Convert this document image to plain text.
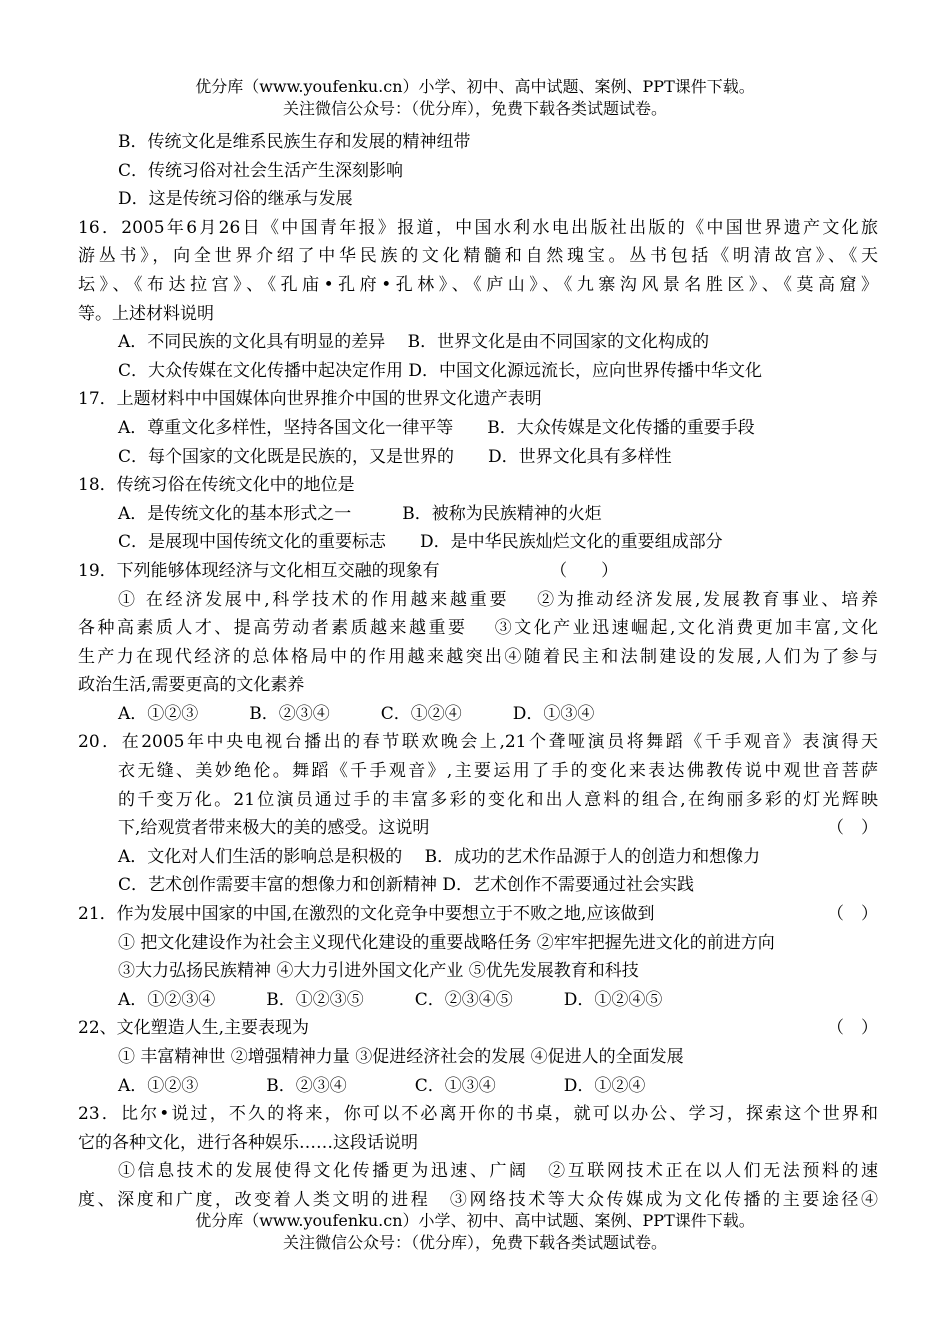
优分库（www.youfenku.cn）小学、初中、高中试题、案例、PPT课件下载。
关注微信公众号：（优分库），免费下载各类试题试卷。
B．传统文化是维系民族生存和发展的精神纽带
C．传统习俗对社会生活产生深刻影响
D．这是传统习俗的继承与发展
16．2005年6月26日《中国青年报》报道，中国水利水电出版社出版的《中国世界遗产文化旅
游丛书》，向全世界介绍了中华民族的文化精髓和自然瑰宝。丛书包括《明清故宫》、《天
坛》、《布达拉宫》、《孔庙•孔府•孔林》、《庐山》、《九寨沟风景名胜区》、《莫高窟》
等。上述材料说明
A．不同民族的文化具有明显的差异　 B．世界文化是由不同国家的文化构成的
C．大众传媒在文化传播中起决定作用 D．中国文化源远流长，应向世界传播中华文化
17．上题材料中中国媒体向世界推介中国的世界文化遗产表明
A．尊重文化多样性，坚持各国文化一律平等　　B．大众传媒是文化传播的重要手段
C．每个国家的文化既是民族的，又是世界的　　D．世界文化具有多样性
18．传统习俗在传统文化中的地位是
A．是传统文化的基本形式之一　　　B．被称为民族精神的火炬
C．是展现中国传统文化的重要标志　　D．是中华民族灿烂文化的重要组成部分
19．下列能够体现经济与文化相互交融的现象有　　　　　　　（　　）
① 在经济发展中,科学技术的作用越来越重要　 ②为推动经济发展,发展教育事业、培养
各种高素质人才、提高劳动者素质越来越重要　 ③文化产业迅速崛起,文化消费更加丰富,文化
生产力在现代经济的总体格局中的作用越来越突出④随着民主和法制建设的发展,人们为了参与
政治生活,需要更高的文化素养
A．①②③　　　B．②③④　　　C．①②④　　　D．①③④
20．在2005年中央电视台播出的春节联欢晚会上,21个聋哑演员将舞蹈《千手观音》表演得天
衣无缝、美妙绝伦。舞蹈《千手观音》,主要运用了手的变化来表达佛教传说中观世音菩萨
的千变万化。21位演员通过手的丰富多彩的变化和出人意料的组合,在绚丽多彩的灯光辉映
下,给观赏者带来极大的美的感受。这说明	（　）
A．文化对人们生活的影响总是积极的　 B．成功的艺术作品源于人的创造力和想像力
C．艺术创作需要丰富的想像力和创新精神 D．艺术创作不需要通过社会实践
21．作为发展中国家的中国,在激烈的文化竞争中要想立于不败之地,应该做到	（　）
① 把文化建设作为社会主义现代化建设的重要战略任务 ②牢牢把握先进文化的前进方向
③大力弘扬民族精神 ④大力引进外国文化产业 ⑤优先发展教育和科技
A．①②③④　　　B．①②③⑤　　　C．②③④⑤　　　D．①②④⑤
22、文化塑造人生,主要表现为	（　）
① 丰富精神世 ②增强精神力量 ③促进经济社会的发展 ④促进人的全面发展
A．①②③　　　　B．②③④　　　　C．①③④　　　　D．①②④
23．比尔•说过，不久的将来，你可以不必离开你的书桌，就可以办公、学习，探索这个世界和
它的各种文化，进行各种娱乐……这段话说明
①信息技术的发展使得文化传播更为迅速、广阔　②互联网技术正在以人们无法预料的速
度、深度和广度，改变着人类文明的进程　③网络技术等大众传媒成为文化传播的主要途径④
优分库（www.youfenku.cn）小学、初中、高中试题、案例、PPT课件下载。
关注微信公众号：（优分库），免费下载各类试题试卷。
